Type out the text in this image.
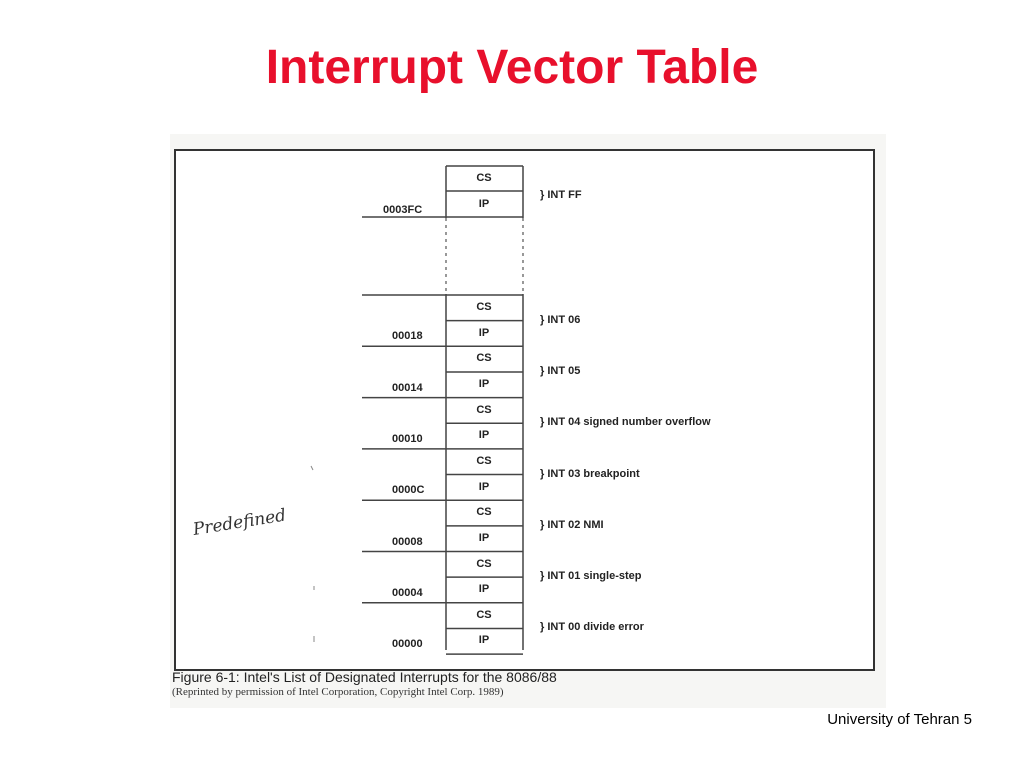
Interrupt Vector Table
Predefined
CS
IP
0003FC
} INT FF
CS
IP
00018
} INT 06
CS
IP
00014
} INT 05
CS
IP
00010
} INT 04 signed number overflow
CS
IP
0000C
} INT 03 breakpoint
CS
IP
00008
} INT 02 NMI
CS
IP
00004
} INT 01 single-step
CS
IP
00000
} INT 00 divide error
Figure 6-1: Intel's List of Designated Interrupts for the 8086/88
(Reprinted by permission of Intel Corporation, Copyright Intel Corp. 1989)
University of Tehran 5
